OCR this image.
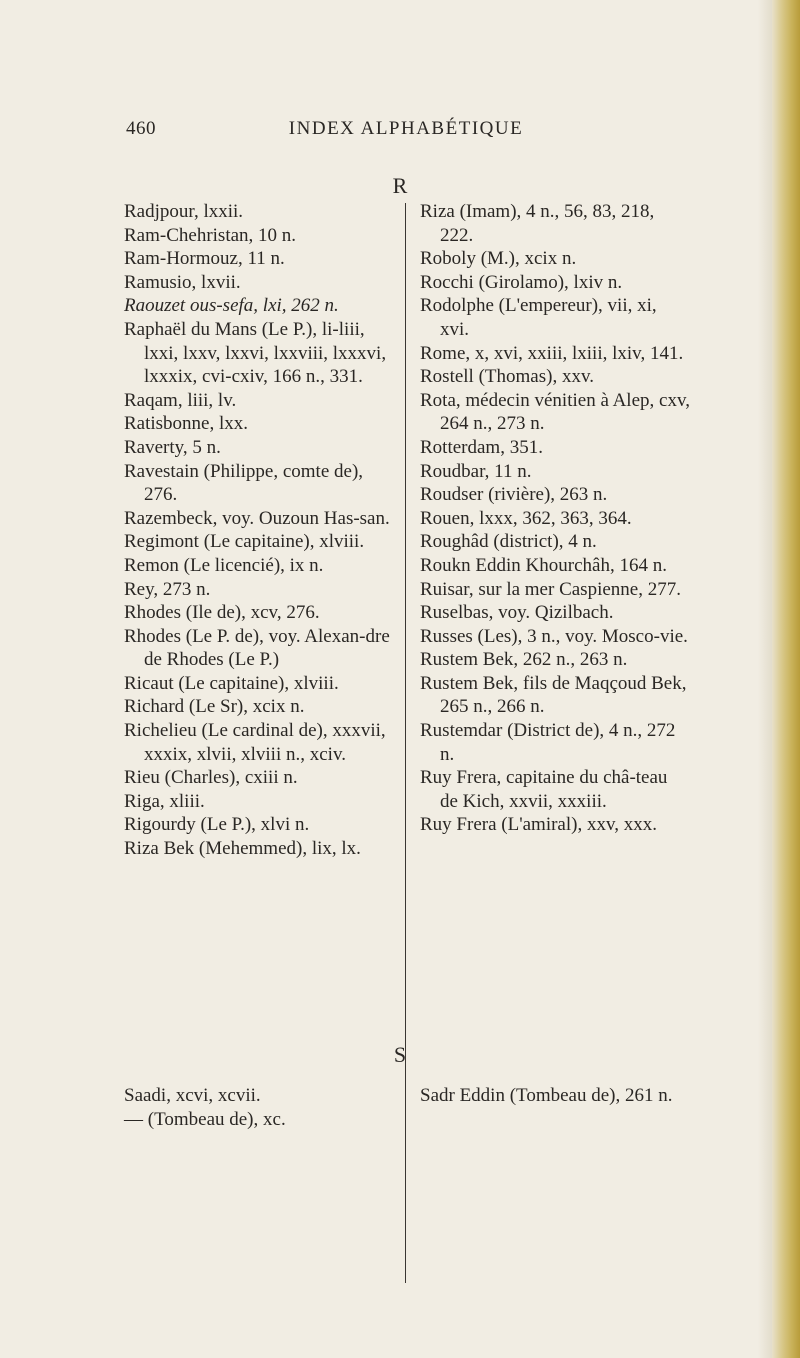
460	INDEX ALPHABÉTIQUE
R

Radjpour, lxxii.

Ram-Chehristan, 10 n.

Ram-Hormouz, 11 n.

Ramusio, lxvii.

Raouzet ous-sefa, lxi, 262 n.

Raphaël du Mans (Le P.), li-liii, lxxi, lxxv, lxxvi, lxxviii, lxxxvi, lxxxix, cvi-cxiv, 166 n., 331.

Raqam, liii, lv.

Ratisbonne, lxx.

Raverty, 5 n.

Ravestain (Philippe, comte de), 276.

Razembeck, voy. Ouzoun Has-san.

Regimont (Le capitaine), xlviii.

Remon (Le licencié), ix n.

Rey, 273 n.

Rhodes (Ile de), xcv, 276.

Rhodes (Le P. de), voy. Alexan-dre de Rhodes (Le P.)

Ricaut (Le capitaine), xlviii.

Richard (Le Sr), xcix n.

Richelieu (Le cardinal de), xxxvii, xxxix, xlvii, xlviii n., xciv.

Rieu (Charles), cxiii n.

Riga, xliii.

Rigourdy (Le P.), xlvi n.

Riza Bek (Mehemmed), lix, lx.

Riza (Imam), 4 n., 56, 83, 218, 222.

Roboly (M.), xcix n.

Rocchi (Girolamo), lxiv n.

Rodolphe (L'empereur), vii, xi, xvi.

Rome, x, xvi, xxiii, lxiii, lxiv, 141.

Rostell (Thomas), xxv.

Rota, médecin vénitien à Alep, cxv, 264 n., 273 n.

Rotterdam, 351.

Roudbar, 11 n.

Roudser (rivière), 263 n.

Rouen, lxxx, 362, 363, 364.

Roughâd (district), 4 n.

Roukn Eddin Khourchâh, 164 n.

Ruisar, sur la mer Caspienne, 277.

Ruselbas, voy. Qizilbach.

Russes (Les), 3 n., voy. Mosco-vie.

Rustem Bek, 262 n., 263 n.

Rustem Bek, fils de Maqçoud Bek, 265 n., 266 n.

Rustemdar (District de), 4 n., 272 n.

Ruy Frera, capitaine du châ-teau de Kich, xxvii, xxxiii.

Ruy Frera (L'amiral), xxv, xxx.

S

Saadi, xcvi, xcvii.

— (Tombeau de), xc.

Sadr Eddin (Tombeau de), 261 n.
